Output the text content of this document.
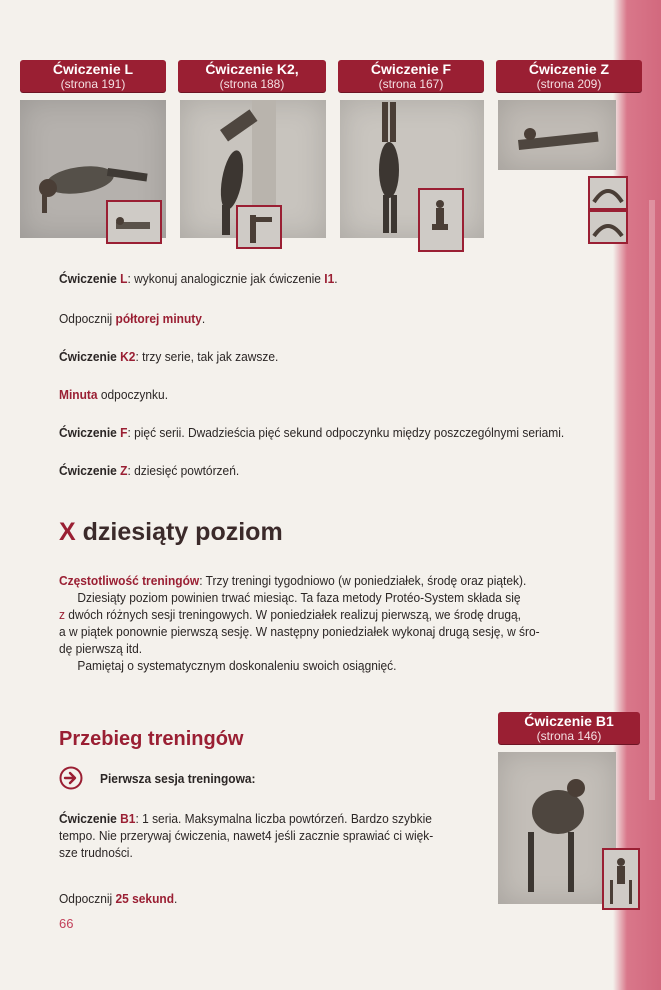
Ćwiczenie L
(strona 191)
Ćwiczenie K2,
(strona 188)
Ćwiczenie F
(strona 167)
Ćwiczenie Z
(strona 209)

Ćwiczenie L: wykonuj analogicznie jak ćwiczenie I1.

Odpocznij półtorej minuty.

Ćwiczenie K2: trzy serie, tak jak zawsze.

Minuta odpoczynku.

Ćwiczenie F: pięć serii. Dwadzieścia pięć sekund odpoczynku między poszczególnymi seriami.

Ćwiczenie Z: dziesięć powtórzeń.

X dziesiąty poziom
Częstotliwość treningów: Trzy treningi tygodniowo (w poniedziałek, środę oraz piątek).
Dziesiąty poziom powinien trwać miesiąc. Ta faza metody Protéo-System składa się
z dwóch różnych sesji treningowych. W poniedziałek realizuj pierwszą, we środę drugą,
a w piątek ponownie pierwszą sesję. W następny poniedziałek wykonaj drugą sesję, w śro-
dę pierwszą itd.
Pamiętaj o systematycznym doskonaleniu swoich osiągnięć.
Przebieg treningów
Ćwiczenie B1
(strona 146)

Pierwsza sesja treningowa:

Ćwiczenie B1: 1 seria. Maksymalna liczba powtórzeń. Bardzo szybkie
tempo. Nie przerywaj ćwiczenia, nawet4 jeśli zacznie sprawiać ci więk-
sze trudności.

Odpocznij 25 sekund.

66
